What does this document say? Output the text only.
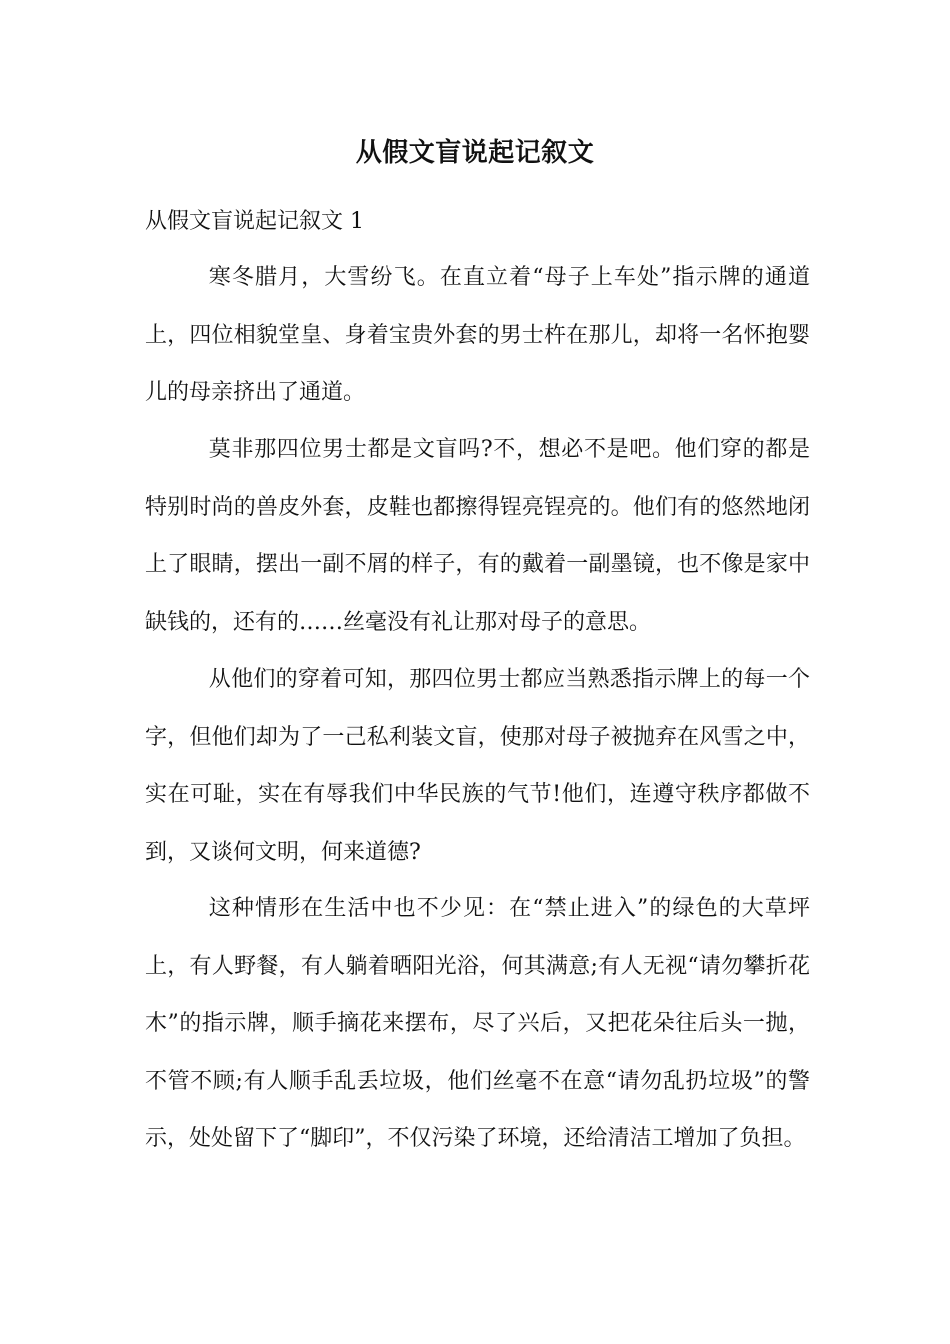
从假文盲说起记叙文
从假文盲说起记叙文 1

寒冬腊月，大雪纷飞。在直立着“母子上车处”指示牌的通道上，四位相貌堂皇、身着宝贵外套的男士杵在那儿，却将一名怀抱婴儿的母亲挤出了通道。

莫非那四位男士都是文盲吗?不，想必不是吧。他们穿的都是特别时尚的兽皮外套，皮鞋也都擦得锃亮锃亮的。他们有的悠然地闭上了眼睛，摆出一副不屑的样子，有的戴着一副墨镜，也不像是家中缺钱的，还有的……丝毫没有礼让那对母子的意思。

从他们的穿着可知，那四位男士都应当熟悉指示牌上的每一个字，但他们却为了一己私利装文盲，使那对母子被抛弃在风雪之中，实在可耻，实在有辱我们中华民族的气节!他们，连遵守秩序都做不到，又谈何文明，何来道德?

这种情形在生活中也不少见：在“禁止进入”的绿色的大草坪上，有人野餐，有人躺着晒阳光浴，何其满意;有人无视“请勿攀折花木”的指示牌，顺手摘花来摆布，尽了兴后，又把花朵往后头一抛，不管不顾;有人顺手乱丢垃圾，他们丝毫不在意“请勿乱扔垃圾”的警示，处处留下了“脚印”，不仅污染了环境，还给清洁工增加了负担。
